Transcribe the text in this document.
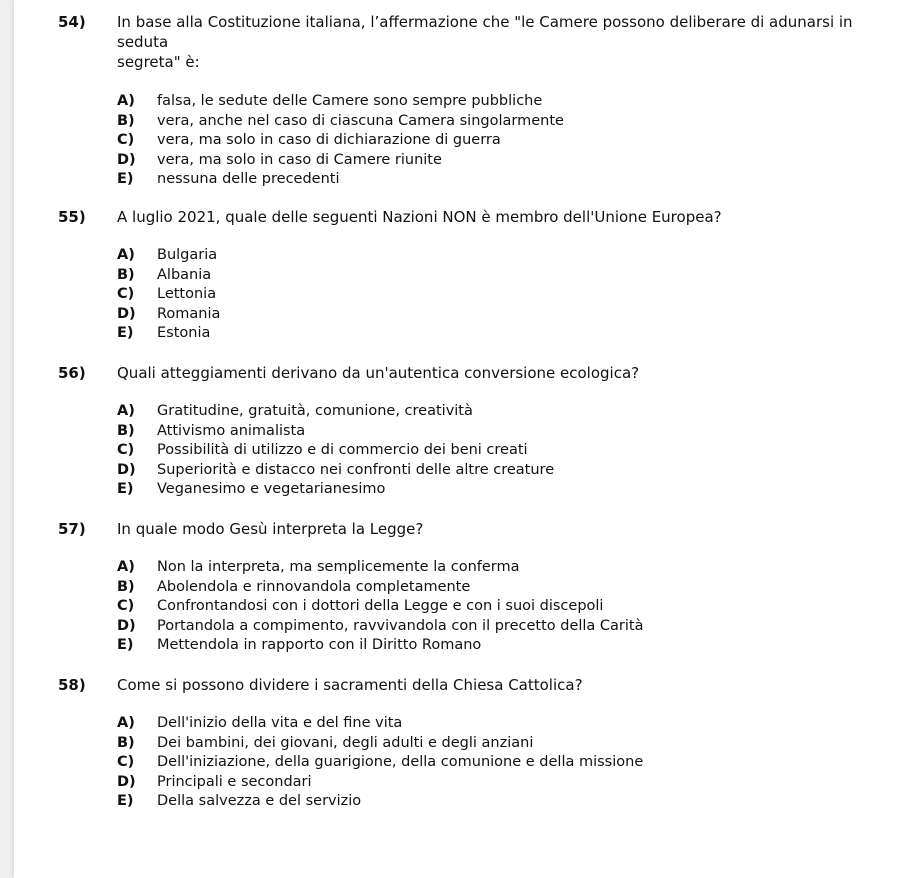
54) In base alla Costituzione italiana, l’affermazione che "le Camere possono deliberare di adunarsi in
seduta
segreta" è:
A) falsa, le sedute delle Camere sono sempre pubbliche
B) vera, anche nel caso di ciascuna Camera singolarmente
C) vera, ma solo in caso di dichiarazione di guerra
D) vera, ma solo in caso di Camere riunite
E) nessuna delle precedenti
55) A luglio 2021, quale delle seguenti Nazioni NON è membro dell'Unione Europea?
A) Bulgaria
B) Albania
C) Lettonia
D) Romania
E) Estonia
56) Quali atteggiamenti derivano da un'autentica conversione ecologica?
A) Gratitudine, gratuità, comunione, creatività
B) Attivismo animalista
C) Possibilità di utilizzo e di commercio dei beni creati
D) Superiorità e distacco nei confronti delle altre creature
E) Veganesimo e vegetarianesimo
57) In quale modo Gesù interpreta la Legge?
A) Non la interpreta, ma semplicemente la conferma
B) Abolendola e rinnovandola completamente
C) Confrontandosi con i dottori della Legge e con i suoi discepoli
D) Portandola a compimento, ravvivandola con il precetto della Carità
E) Mettendola in rapporto con il Diritto Romano
58) Come si possono dividere i sacramenti della Chiesa Cattolica?
A) Dell'inizio della vita e del fine vita
B) Dei bambini, dei giovani, degli adulti e degli anziani
C) Dell'iniziazione, della guarigione, della comunione e della missione
D) Principali e secondari
E) Della salvezza e del servizio
